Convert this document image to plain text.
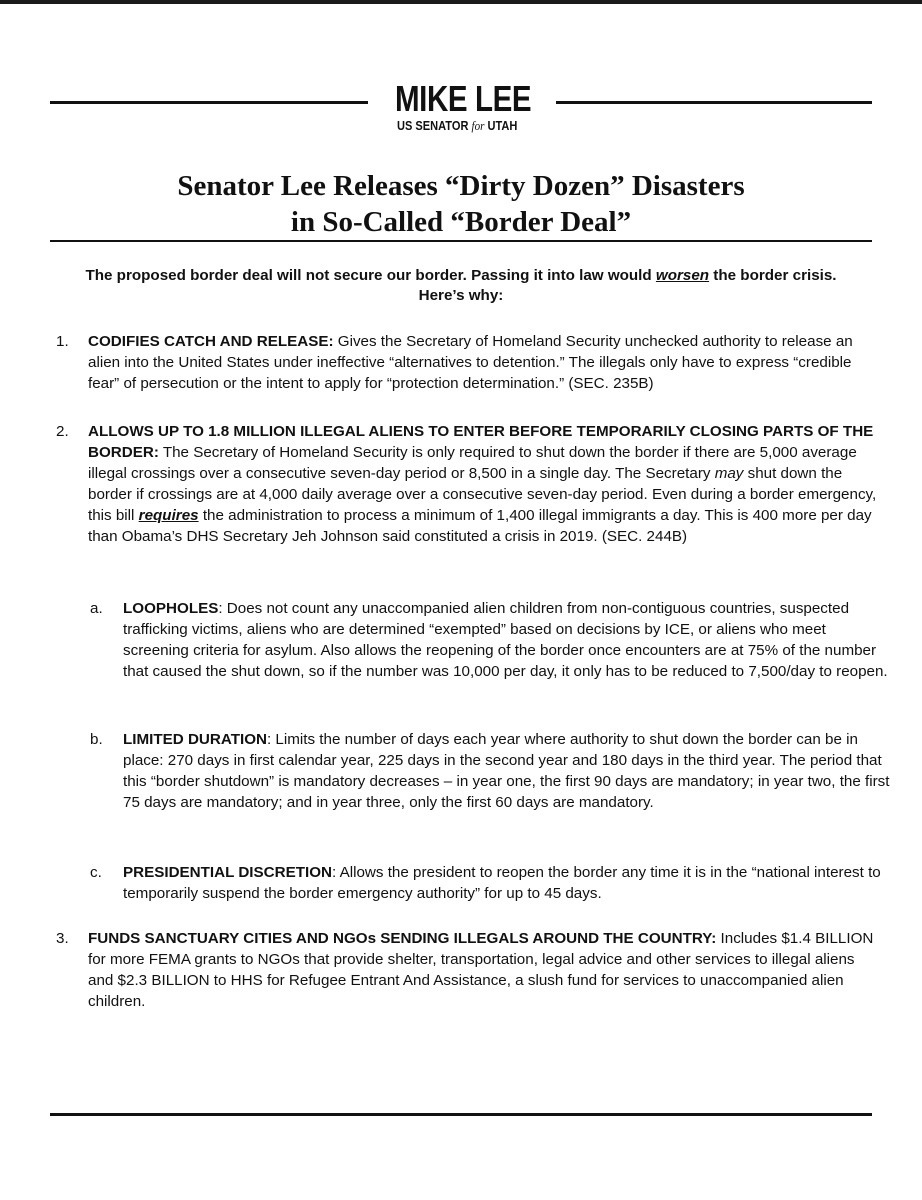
MIKE LEE
US SENATOR for UTAH
Senator Lee Releases “Dirty Dozen” Disasters
in So-Called “Border Deal”
The proposed border deal will not secure our border. Passing it into law would worsen the border crisis.
Here’s why:
1.	CODIFIES CATCH AND RELEASE: Gives the Secretary of Homeland Security unchecked authority to release an alien into the United States under ineffective “alternatives to detention.” The illegals only have to express “credible fear” of persecution or the intent to apply for “protection determination.” (SEC. 235B)
2.	ALLOWS UP TO 1.8 MILLION ILLEGAL ALIENS TO ENTER BEFORE TEMPORARILY CLOSING PARTS OF THE BORDER: The Secretary of Homeland Security is only required to shut down the border if there are 5,000 average illegal crossings over a consecutive seven-day period or 8,500 in a single day. The Secretary may shut down the border if crossings are at 4,000 daily average over a consecutive seven-day period. Even during a border emergency, this bill requires the administration to process a minimum of 1,400 illegal immigrants a day. This is 400 more per day than Obama’s DHS Secretary Jeh Johnson said constituted a crisis in 2019. (SEC. 244B)
a.	LOOPHOLES: Does not count any unaccompanied alien children from non-contiguous countries, suspected trafficking victims, aliens who are determined “exempted” based on decisions by ICE, or aliens who meet screening criteria for asylum. Also allows the reopening of the border once encounters are at 75% of the number that caused the shut down, so if the number was 10,000 per day, it only has to be reduced to 7,500/day to reopen.
b.	LIMITED DURATION: Limits the number of days each year where authority to shut down the border can be in place: 270 days in first calendar year, 225 days in the second year and 180 days in the third year. The period that this “border shutdown” is mandatory decreases – in year one, the first 90 days are mandatory; in year two, the first 75 days are mandatory; and in year three, only the first 60 days are mandatory.
c.	PRESIDENTIAL DISCRETION: Allows the president to reopen the border any time it is in the “national interest to temporarily suspend the border emergency authority” for up to 45 days.
3.	FUNDS SANCTUARY CITIES AND NGOs SENDING ILLEGALS AROUND THE COUNTRY: Includes $1.4 BILLION for more FEMA grants to NGOs that provide shelter, transportation, legal advice and other services to illegal aliens and $2.3 BILLION to HHS for Refugee Entrant And Assistance, a slush fund for services to unaccompanied alien children.
